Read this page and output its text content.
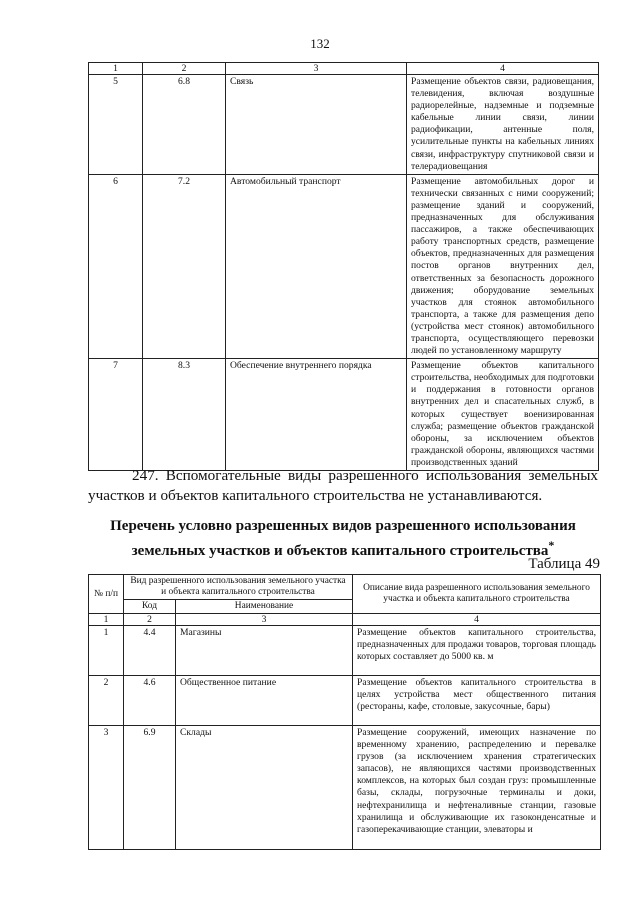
132
1	2	3	4
5	6.8	Связь	Размещение объектов связи, радиовещания, телевидения, включая воздушные радиорелейные, надземные и подземные кабельные линии связи, линии радиофикации, антенные поля, усилительные пункты на кабельных линиях связи, инфраструктуру спутниковой связи и телерадиовещания
6	7.2	Автомобильный транспорт	Размещение автомобильных дорог и технически связанных с ними сооружений; размещение зданий и сооружений, предназначенных для обслуживания пассажиров, а также обеспечивающих работу транспортных средств, размещение объектов, предназначенных для размещения постов органов внутренних дел, ответственных за безопасность дорожного движения; оборудование земельных участков для стоянок автомобильного транспорта, а также для размещения депо (устройства мест стоянок) автомобильного транспорта, осуществляющего перевозки людей по установленному маршруту
7	8.3	Обеспечение внутреннего порядка	Размещение объектов капитального строительства, необходимых для подготовки и поддержания в готовности органов внутренних дел и спасательных служб, в которых существует военизированная служба; размещение объектов гражданской обороны, за исключением объектов гражданской обороны, являющихся частями производственных зданий
247. Вспомогательные виды разрешенного использования земельных участков и объектов капитального строительства не устанавливаются.
Перечень условно разрешенных видов разрешенного использования
земельных участков и объектов капитального строительства*
Таблица 49
№ п/п	Вид разрешенного использования земельного участка и объекта капитального строительства		Описание вида разрешенного использования земельного участка и объекта капитального строительства
	Код	Наименование	
1	2	3	4
1	4.4	Магазины	Размещение объектов капитального строительства, предназначенных для продажи товаров, торговая площадь которых составляет до 5000 кв. м
2	4.6	Общественное питание	Размещение объектов капитального строительства в целях устройства мест общественного питания (рестораны, кафе, столовые, закусочные, бары)
3	6.9	Склады	Размещение сооружений, имеющих назначение по временному хранению, распределению и перевалке грузов (за исключением хранения стратегических запасов), не являющихся частями производственных комплексов, на которых был создан груз: промышленные базы, склады, погрузочные терминалы и доки, нефтехранилища и нефтеналивные станции, газовые хранилища и обслуживающие их газоконденсатные и газоперекачивающие станции, элеваторы и
